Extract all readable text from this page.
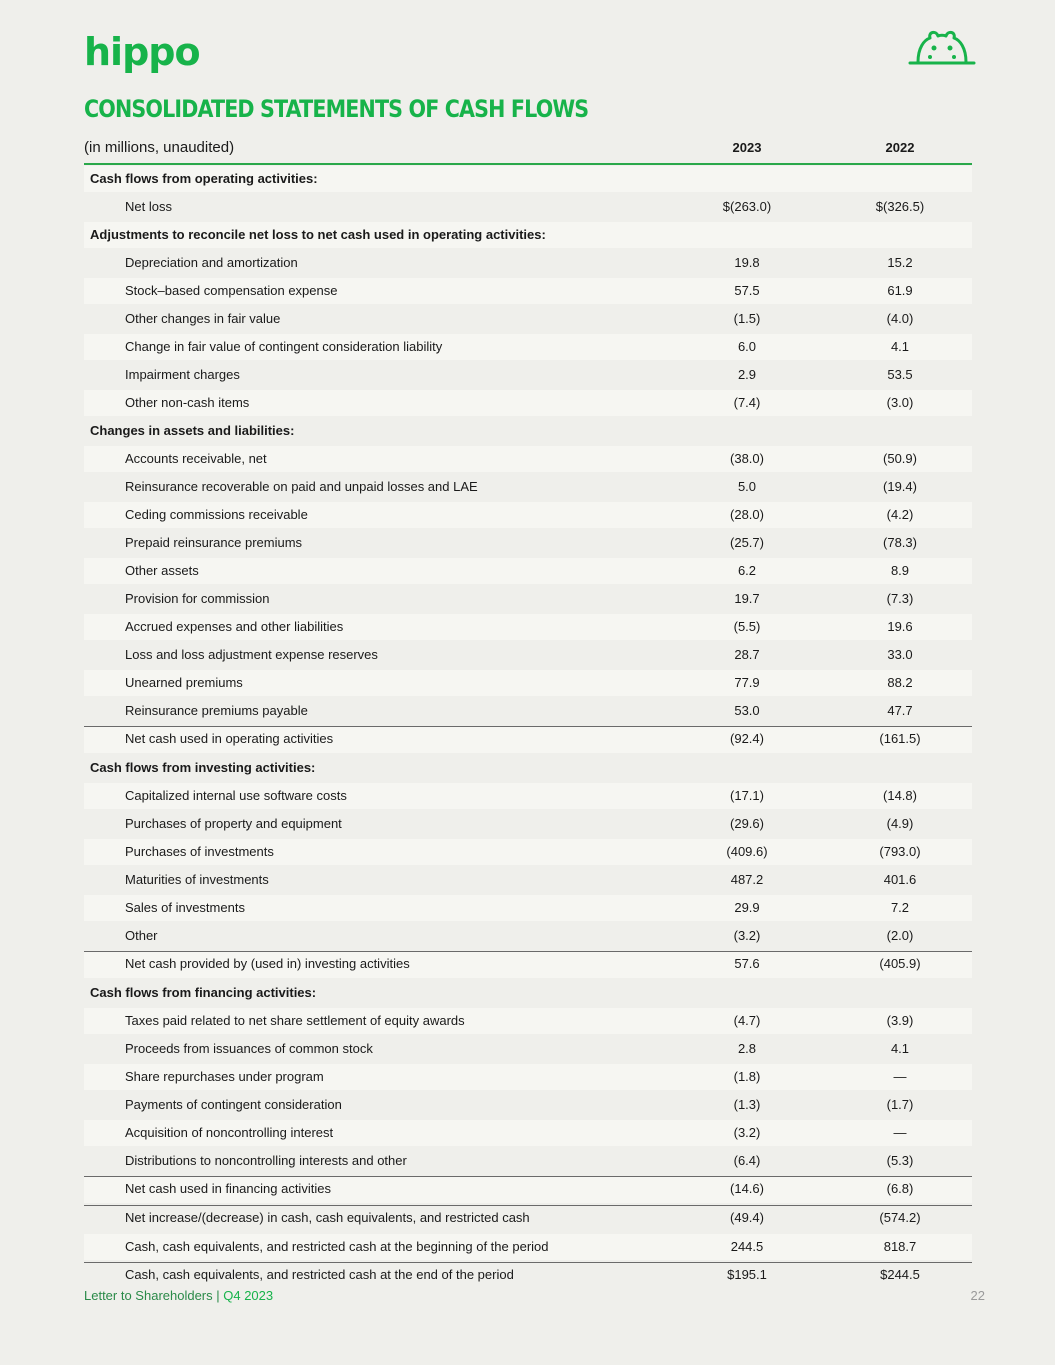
hippo
CONSOLIDATED STATEMENTS OF CASH FLOWS
(in millions, unaudited)	2023	2022
Cash flows from operating activities:
Net loss	$(263.0)	$(326.5)
Adjustments to reconcile net loss to net cash used in operating activities:
Depreciation and amortization	19.8	15.2
Stock–based compensation expense	57.5	61.9
Other changes in fair value	(1.5)	(4.0)
Change in fair value of contingent consideration liability	6.0	4.1
Impairment charges	2.9	53.5
Other non-cash items	(7.4)	(3.0)
Changes in assets and liabilities:
Accounts receivable, net	(38.0)	(50.9)
Reinsurance recoverable on paid and unpaid losses and LAE	5.0	(19.4)
Ceding commissions receivable	(28.0)	(4.2)
Prepaid reinsurance premiums	(25.7)	(78.3)
Other assets	6.2	8.9
Provision for commission	19.7	(7.3)
Accrued expenses and other liabilities	(5.5)	19.6
Loss and loss adjustment expense reserves	28.7	33.0
Unearned premiums	77.9	88.2
Reinsurance premiums payable	53.0	47.7
Net cash used in operating activities	(92.4)	(161.5)
Cash flows from investing activities:
Capitalized internal use software costs	(17.1)	(14.8)
Purchases of property and equipment	(29.6)	(4.9)
Purchases of investments	(409.6)	(793.0)
Maturities of investments	487.2	401.6
Sales of investments	29.9	7.2
Other	(3.2)	(2.0)
Net cash provided by (used in) investing activities	57.6	(405.9)
Cash flows from financing activities:
Taxes paid related to net share settlement of equity awards	(4.7)	(3.9)
Proceeds from issuances of common stock	2.8	4.1
Share repurchases under program	(1.8)	—
Payments of contingent consideration	(1.3)	(1.7)
Acquisition of noncontrolling interest	(3.2)	—
Distributions to noncontrolling interests and other	(6.4)	(5.3)
Net cash used in financing activities	(14.6)	(6.8)
Net increase/(decrease) in cash, cash equivalents, and restricted cash	(49.4)	(574.2)
Cash, cash equivalents, and restricted cash at the beginning of the period	244.5	818.7
Cash, cash equivalents, and restricted cash at the end of the period	$195.1	$244.5
Letter to Shareholders | Q4 2023	22
